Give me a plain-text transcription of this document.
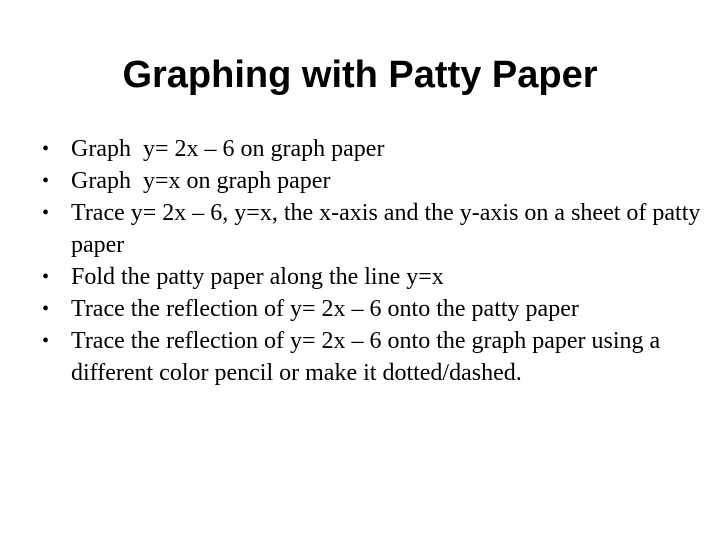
Graphing with Patty Paper
• Graph  y= 2x – 6 on graph paper
• Graph  y=x on graph paper
• Trace y= 2x – 6, y=x, the x-axis and the y-axis on a sheet of patty paper
• Fold the patty paper along the line y=x
• Trace the reflection of y= 2x – 6 onto the patty paper
• Trace the reflection of y= 2x – 6 onto the graph paper using a different color pencil or make it dotted/dashed.
